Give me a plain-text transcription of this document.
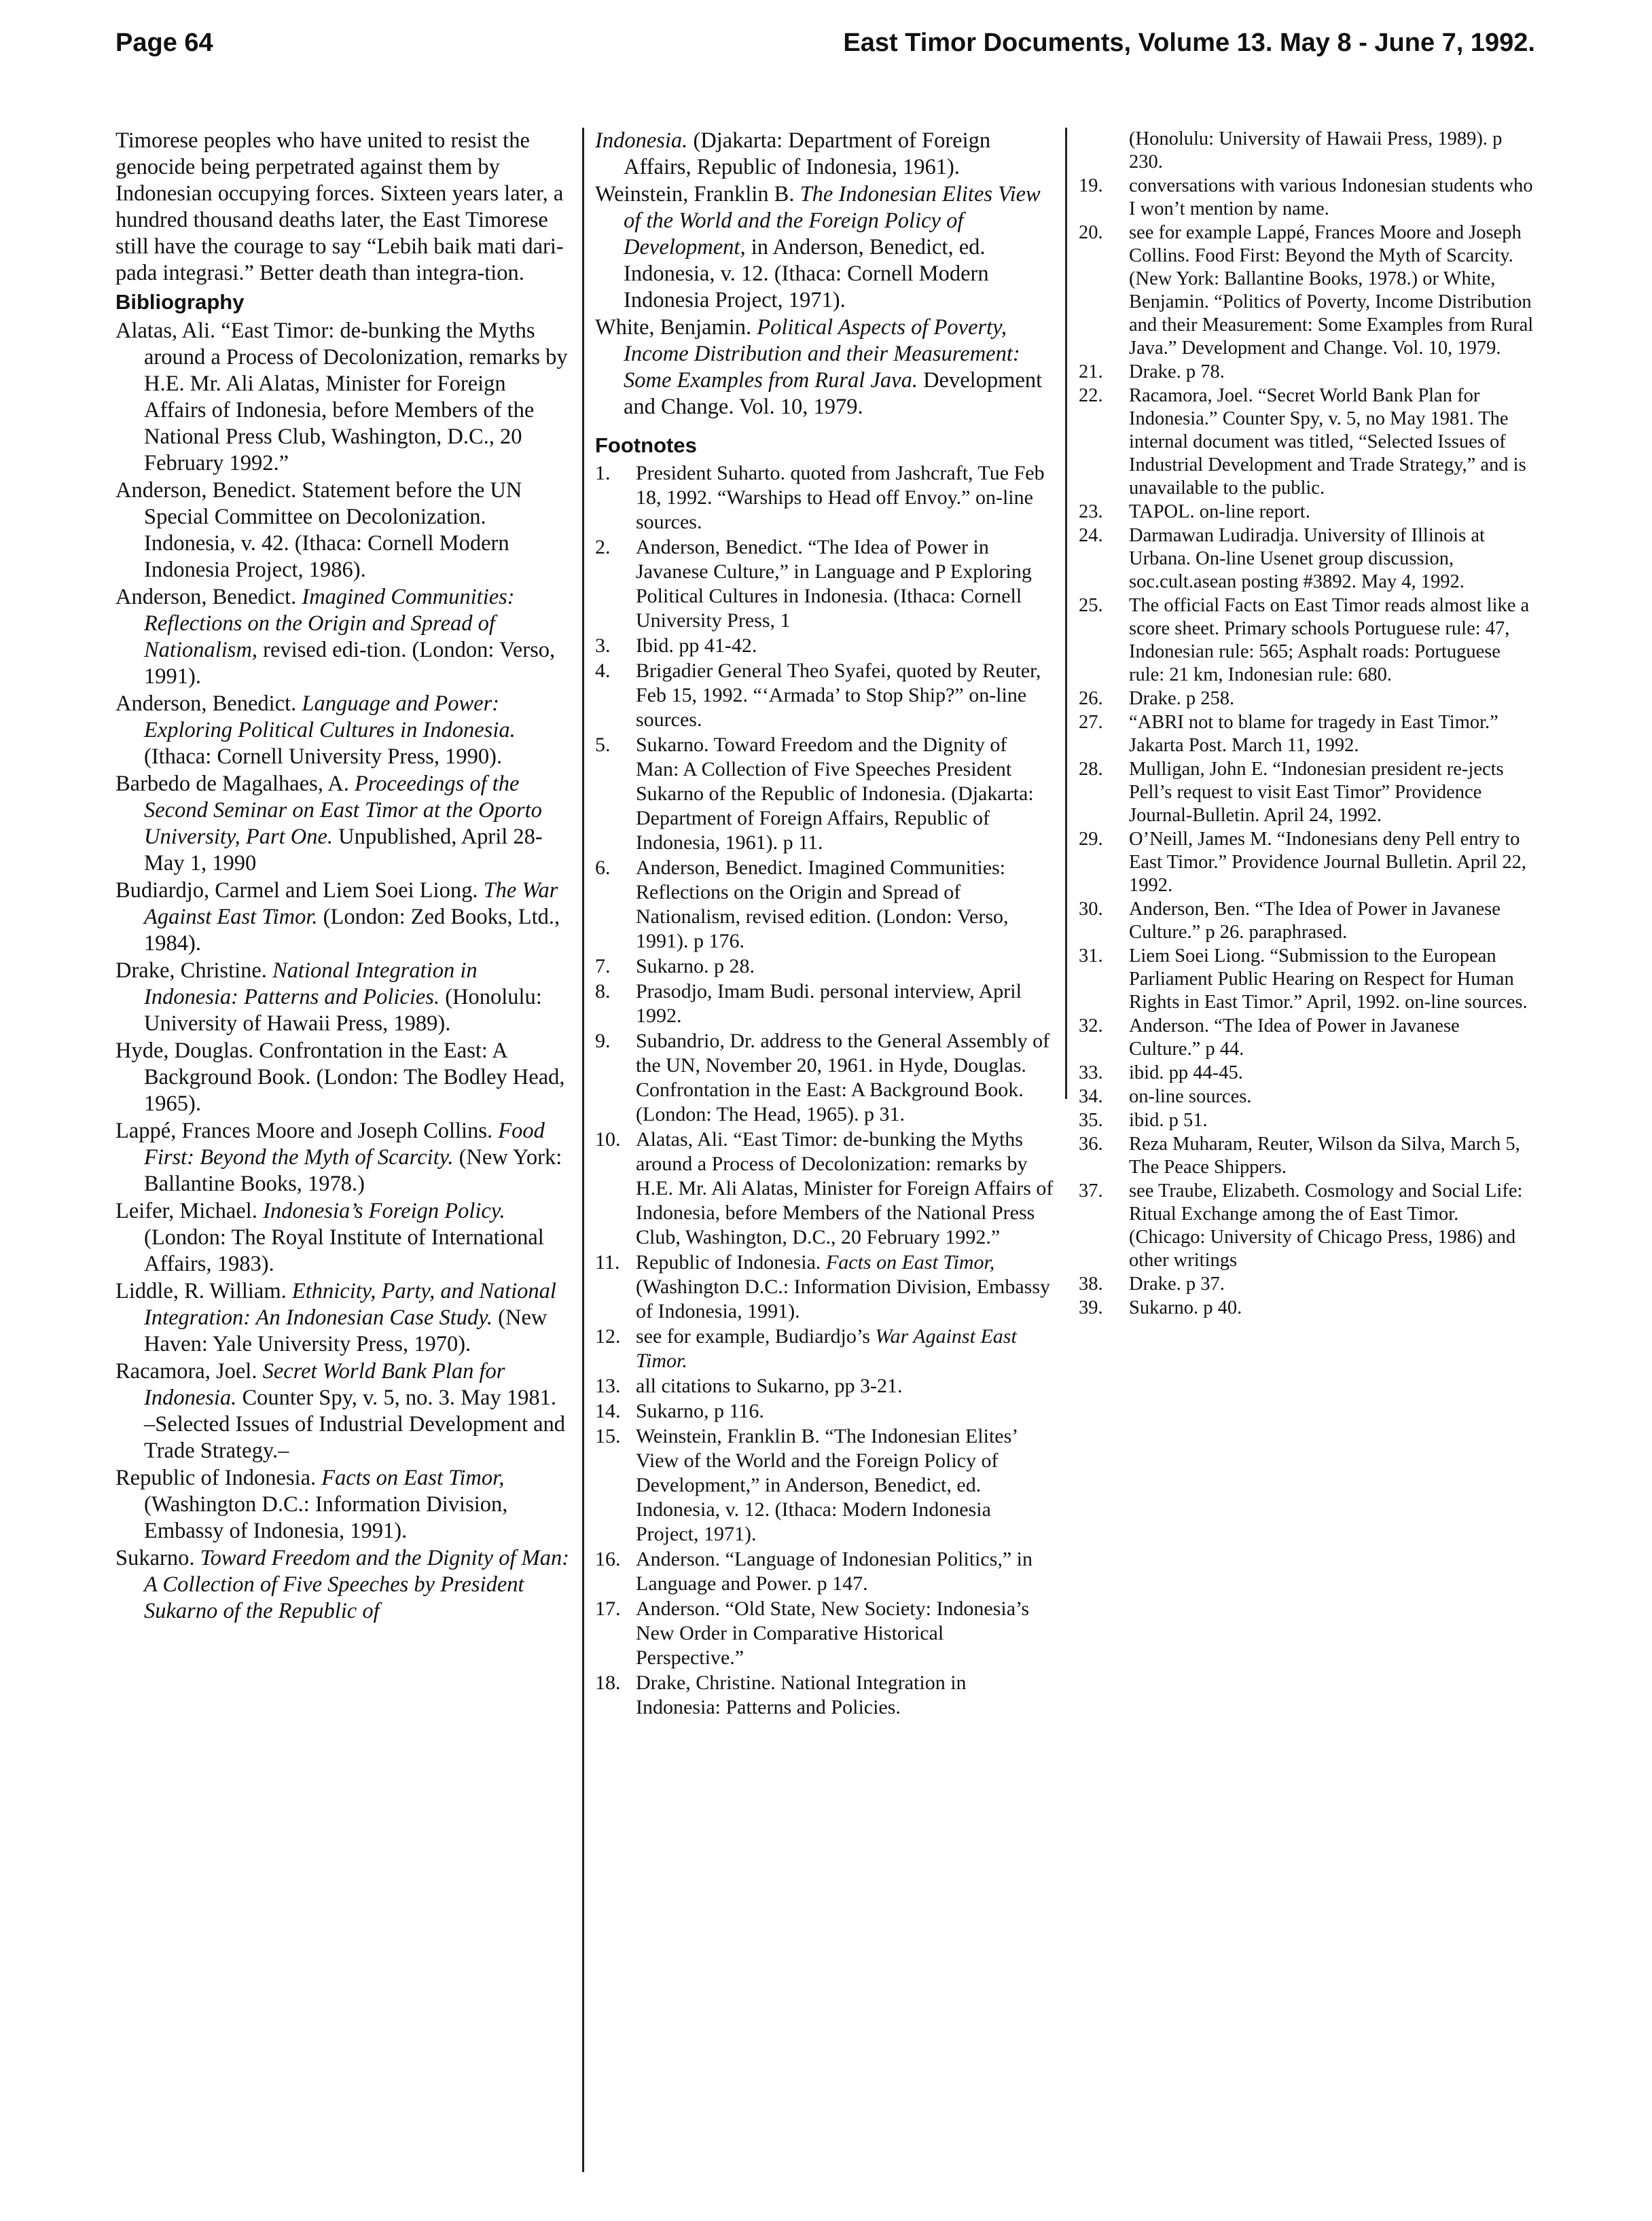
Page 64	East Timor Documents, Volume 13. May 8 - June 7, 1992.

Timorese peoples who have united to resist the genocide being perpetrated against them by Indonesian occupying forces. Sixteen years later, a hundred thousand deaths later, the East Timorese still have the courage to say “Lebih baik mati dari-pada integrasi.” Better death than integra-tion.

Bibliography
Alatas, Ali. “East Timor: de-bunking the Myths around a Process of Decolonization, remarks by H.E. Mr. Ali Alatas, Minister for Foreign Affairs of Indonesia, before Members of the National Press Club, Washington, D.C., 20 February 1992.”
Anderson, Benedict. Statement before the UN Special Committee on Decolonization. Indonesia, v. 42. (Ithaca: Cornell Modern Indonesia Project, 1986).
Anderson, Benedict. Imagined Communities: Reflections on the Origin and Spread of Nationalism, revised edi-tion. (London: Verso, 1991).
Anderson, Benedict. Language and Power: Exploring Political Cultures in Indonesia. (Ithaca: Cornell University Press, 1990).
Barbedo de Magalhaes, A. Proceedings of the Second Seminar on East Timor at the Oporto University, Part One. Unpublished, April 28-May 1, 1990
Budiardjo, Carmel and Liem Soei Liong. The War Against East Timor. (London: Zed Books, Ltd., 1984).
Drake, Christine. National Integration in Indonesia: Patterns and Policies. (Honolulu: University of Hawaii Press, 1989).
Hyde, Douglas. Confrontation in the East: A Background Book. (London: The Bodley Head, 1965).
Lappé, Frances Moore and Joseph Collins. Food First: Beyond the Myth of Scarcity. (New York: Ballantine Books, 1978.)
Leifer, Michael. Indonesia’s Foreign Policy. (London: The Royal Institute of International Affairs, 1983).
Liddle, R. William. Ethnicity, Party, and National Integration: An Indonesian Case Study. (New Haven: Yale University Press, 1970).
Racamora, Joel. Secret World Bank Plan for Indonesia. Counter Spy, v. 5, no. 3. May 1981. –Selected Issues of Industrial Development and Trade Strategy.–
Republic of Indonesia. Facts on East Timor, (Washington D.C.: Information Division, Embassy of Indonesia, 1991).
Sukarno. Toward Freedom and the Dignity of Man: A Collection of Five Speeches by President Sukarno of the Republic of
Indonesia. (Djakarta: Department of Foreign Affairs, Republic of Indonesia, 1961).
Weinstein, Franklin B. The Indonesian Elites View of the World and the Foreign Policy of Development, in Anderson, Benedict, ed. Indonesia, v. 12. (Ithaca: Cornell Modern Indonesia Project, 1971).
White, Benjamin. Political Aspects of Poverty, Income Distribution and their Measurement: Some Examples from Rural Java. Development and Change. Vol. 10, 1979.
Footnotes
1. President Suharto. quoted from Jashcraft, Tue Feb 18, 1992. “Warships to Head off Envoy.” on-line sources.
2. Anderson, Benedict. “The Idea of Power in Javanese Culture,” in Language and P Exploring Political Cultures in Indonesia. (Ithaca: Cornell University Press, 1
3. Ibid. pp 41-42.
4. Brigadier General Theo Syafei, quoted by Reuter, Feb 15, 1992. “‘Armada’ to Stop Ship?” on-line sources.
5. Sukarno. Toward Freedom and the Dignity of Man: A Collection of Five Speeches President Sukarno of the Republic of Indonesia. (Djakarta: Department of Foreign Affairs, Republic of Indonesia, 1961). p 11.
6. Anderson, Benedict. Imagined Communities: Reflections on the Origin and Spread of Nationalism, revised edition. (London: Verso, 1991). p 176.
7. Sukarno. p 28.
8. Prasodjo, Imam Budi. personal interview, April 1992.
9. Subandrio, Dr. address to the General Assembly of the UN, November 20, 1961. in Hyde, Douglas. Confrontation in the East: A Background Book. (London: The Head, 1965). p 31.
10. Alatas, Ali. “East Timor: de-bunking the Myths around a Process of Decolonization: remarks by H.E. Mr. Ali Alatas, Minister for Foreign Affairs of Indonesia, before Members of the National Press Club, Washington, D.C., 20 February 1992.”
11. Republic of Indonesia. Facts on East Timor, (Washington D.C.: Information Division, Embassy of Indonesia, 1991).
12. see for example, Budiardjo’s War Against East Timor.
13. all citations to Sukarno, pp 3-21.
14. Sukarno, p 116.
15. Weinstein, Franklin B. “The Indonesian Elites’ View of the World and the Foreign Policy of Development,” in Anderson, Benedict, ed. Indonesia, v. 12. (Ithaca: Modern Indonesia Project, 1971).
16. Anderson. “Language of Indonesian Politics,” in Language and Power. p 147.
17. Anderson. “Old State, New Society: Indonesia’s New Order in Comparative Historical Perspective.”
18. Drake, Christine. National Integration in Indonesia: Patterns and Policies.

(Honolulu: University of Hawaii Press, 1989). p 230.

19. conversations with various Indonesian students who I won’t mention by name.
20. see for example Lappé, Frances Moore and Joseph Collins. Food First: Beyond the Myth of Scarcity. (New York: Ballantine Books, 1978.) or White, Benjamin. “Politics of Poverty, Income Distribution and their Measurement: Some Examples from Rural Java.” Development and Change. Vol. 10, 1979.
21. Drake. p 78.
22. Racamora, Joel. “Secret World Bank Plan for Indonesia.” Counter Spy, v. 5, no May 1981. The internal document was titled, “Selected Issues of Industrial Development and Trade Strategy,” and is unavailable to the public.
23. TAPOL. on-line report.
24. Darmawan Ludiradja. University of Illinois at Urbana. On-line Usenet group discussion, soc.cult.asean posting #3892. May 4, 1992.
25. The official Facts on East Timor reads almost like a score sheet. Primary schools Portuguese rule: 47, Indonesian rule: 565; Asphalt roads: Portuguese rule: 21 km, Indonesian rule: 680.
26. Drake. p 258.
27. “ABRI not to blame for tragedy in East Timor.” Jakarta Post. March 11, 1992.
28. Mulligan, John E. “Indonesian president re-jects Pell’s request to visit East Timor” Providence Journal-Bulletin. April 24, 1992.
29. O’Neill, James M. “Indonesians deny Pell entry to East Timor.” Providence Journal Bulletin. April 22, 1992.
30. Anderson, Ben. “The Idea of Power in Javanese Culture.” p 26. paraphrased.
31. Liem Soei Liong. “Submission to the European Parliament Public Hearing on Respect for Human Rights in East Timor.” April, 1992. on-line sources.
32. Anderson. “The Idea of Power in Javanese Culture.” p 44.
33. ibid. pp 44-45.
34. on-line sources.
35. ibid. p 51.
36. Reza Muharam, Reuter, Wilson da Silva, March 5, The Peace Shippers.
37. see Traube, Elizabeth. Cosmology and Social Life: Ritual Exchange among the of East Timor. (Chicago: University of Chicago Press, 1986) and other writings
38. Drake. p 37.
39. Sukarno. p 40.
